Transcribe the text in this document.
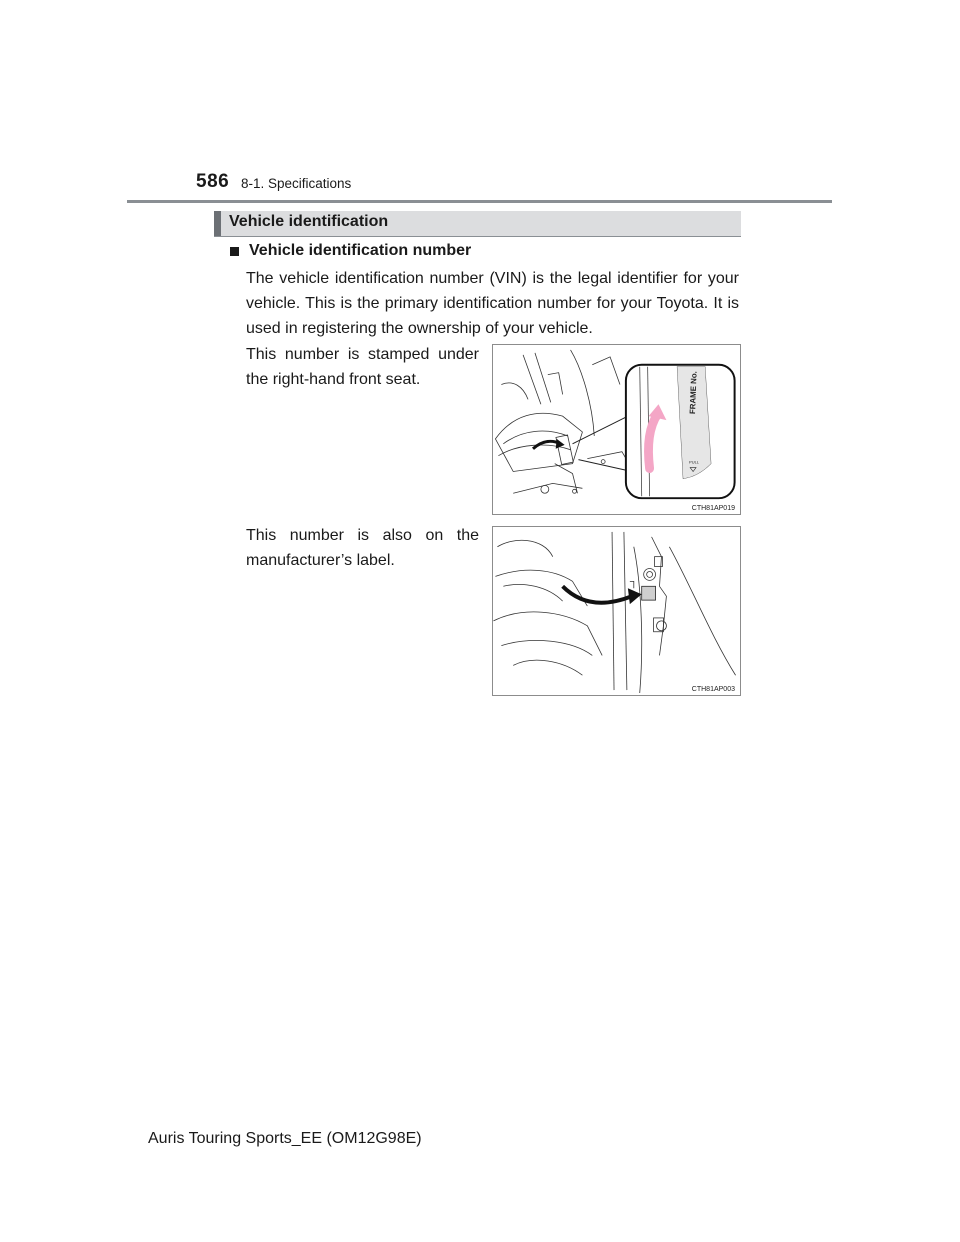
586 8-1. Specifications
Vehicle identification
Vehicle identification number
The vehicle identification number (VIN) is the legal identifier for your vehicle. This is the primary identification number for your Toyota. It is used in registering the ownership of your vehicle.
This number is stamped under the right-hand front seat.	FRAME No.
PULL
CTH81AP019
This number is also on the manufacturer’s label.
CTH81AP003
Auris Touring Sports_EE (OM12G98E)
